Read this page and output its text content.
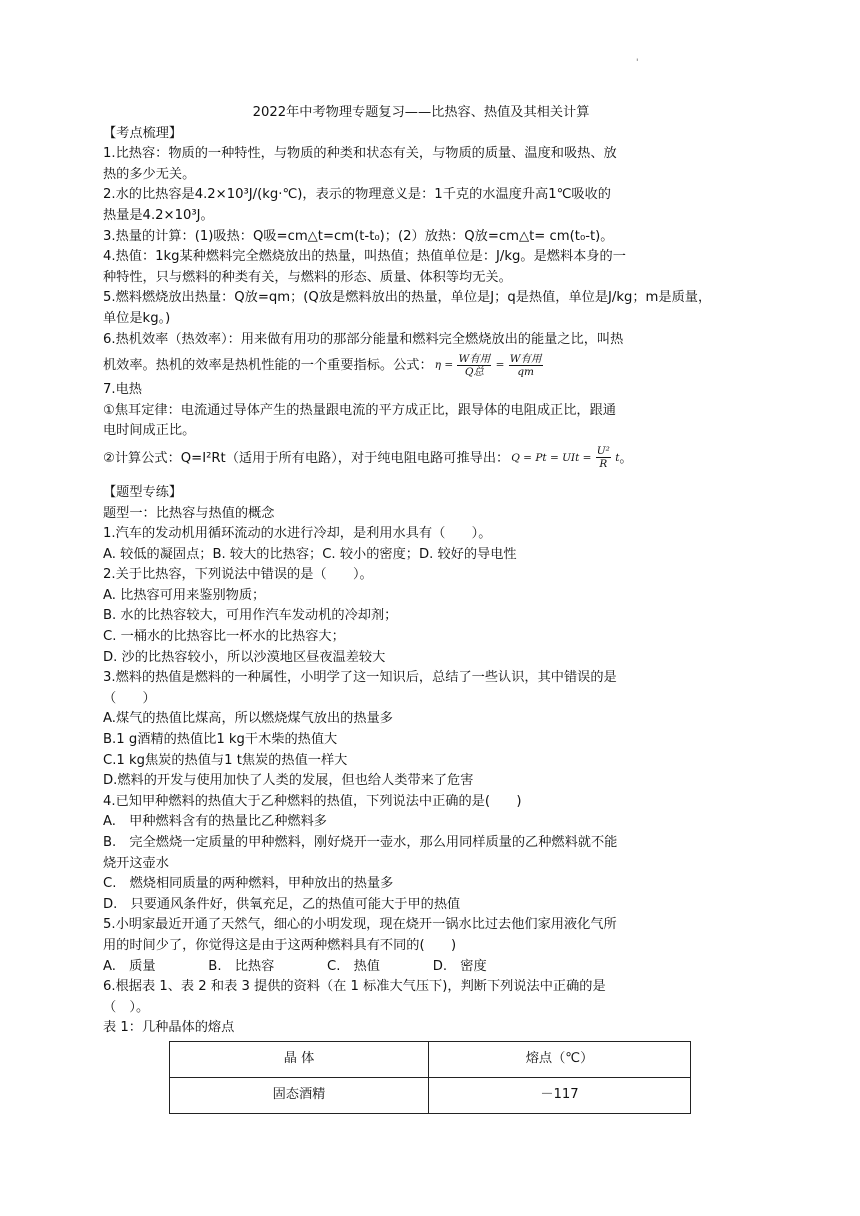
'
2022年中考物理专题复习——比热容、热值及其相关计算
【考点梳理】
1.比热容：物质的一种特性，与物质的种类和状态有关，与物质的质量、温度和吸热、放
热的多少无关。
2.水的比热容是4.2×10³J/(kg·℃)，表示的物理意义是：1千克的水温度升高1℃吸收的
热量是4.2×10³J。
3.热量的计算：(1)吸热：Q吸=cm△t=cm(t-t₀)；(2）放热：Q放=cm△t= cm(t₀-t)。
4.热值：1kg某种燃料完全燃烧放出的热量，叫热值；热值单位是：J/kg。是燃料本身的一
种特性，只与燃料的种类有关，与燃料的形态、质量、体积等均无关。
5.燃料燃烧放出热量：Q放=qm；(Q放是燃料放出的热量，单位是J；q是热值，单位是J/kg；m是质量，
单位是kg。)
6.热机效率（热效率）：用来做有用功的那部分能量和燃料完全燃烧放出的能量之比，叫热
机效率。热机的效率是热机性能的一个重要指标。公式： $\eta = \frac{\text{W有用}}{\text{Q总}} = \frac{\text{W有用}}{qm}$
7.电热
①焦耳定律：电流通过导体产生的热量跟电流的平方成正比，跟导体的电阻成正比，跟通
电时间成正比。
②计算公式：Q=I²Rt（适用于所有电路），对于纯电阻电路可推导出： Q = Pt = UIt = $\frac{\text{U²}}{R}$ t。
【题型专练】
题型一：比热容与热值的概念
1.汽车的发动机用循环流动的水进行冷却，是利用水具有（　　）。
A. 较低的凝固点；B. 较大的比热容；C. 较小的密度；D. 较好的导电性
2.关于比热容，下列说法中错误的是（　　）。
A. 比热容可用来鉴别物质；
B. 水的比热容较大，可用作汽车发动机的冷却剂；
C. 一桶水的比热容比一杯水的比热容大；
D. 沙的比热容较小，所以沙漠地区昼夜温差较大
3.燃料的热值是燃料的一种属性，小明学了这一知识后，总结了一些认识，其中错误的是
（　　）
A.煤气的热值比煤高，所以燃烧煤气放出的热量多
B.1 g酒精的热值比1 kg干木柴的热值大
C.1 kg焦炭的热值与1 t焦炭的热值一样大
D.燃料的开发与使用加快了人类的发展，但也给人类带来了危害
4.已知甲种燃料的热值大于乙种燃料的热值，下列说法中正确的是(　　)
A.　甲种燃料含有的热量比乙种燃料多
B.　完全燃烧一定质量的甲种燃料，刚好烧开一壶水，那么用同样质量的乙种燃料就不能
烧开这壶水
C.　燃烧相同质量的两种燃料，甲种放出的热量多
D.　只要通风条件好，供氧充足，乙的热值可能大于甲的热值
5.小明家最近开通了天然气，细心的小明发现，现在烧开一锅水比过去他们家用液化气所
用的时间少了，你觉得这是由于这两种燃料具有不同的(　　)
A.　质量　　　　B.　比热容　　　　C.　热值　　　　D.　密度
6.根据表 1、表 2 和表 3 提供的资料（在 1 标准大气压下)，判断下列说法中正确的是
（　）。
表 1：几种晶体的熔点
晶 体	熔点（℃）
固态酒精	－117
